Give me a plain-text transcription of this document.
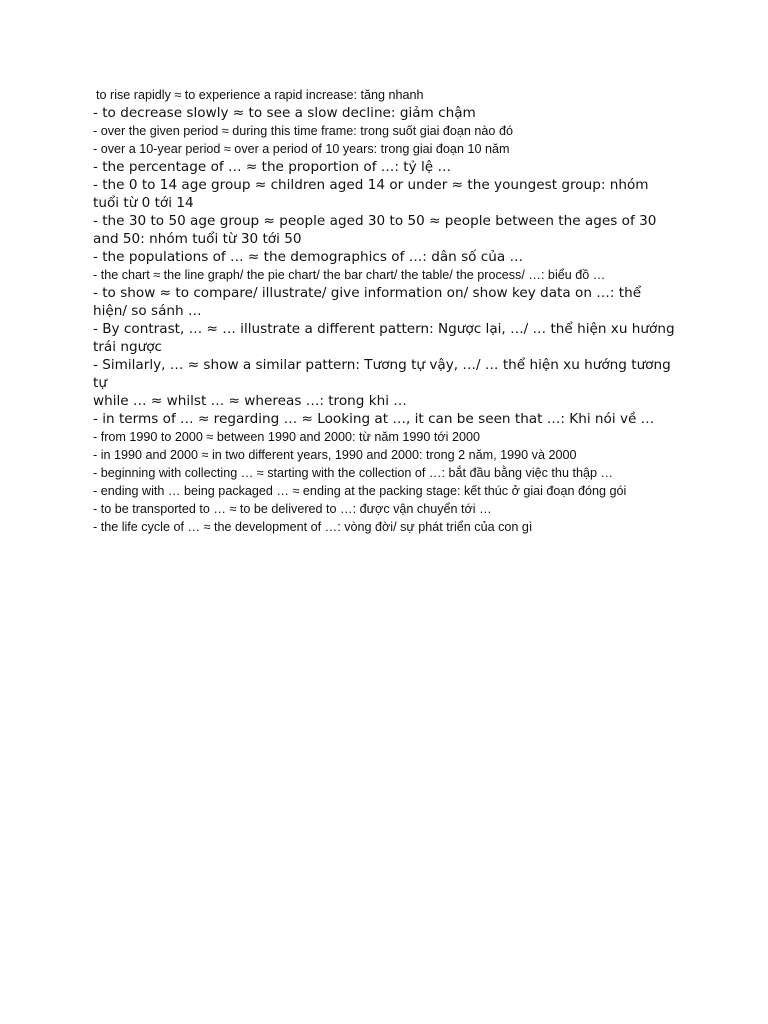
to rise rapidly ≈ to experience a rapid increase: tăng nhanh

- to decrease slowly ≈ to see a slow decline: giảm chậm

- over the given period ≈ during this time frame: trong suốt giai đoạn nào đó

- over a 10-year period ≈ over a period of 10 years: trong giai đoạn 10 năm

- the percentage of … ≈ the proportion of …: tỷ lệ …

- the 0 to 14 age group ≈ children aged 14 or under ≈ the youngest group: nhóm tuổi từ 0 tới 14

- the 30 to 50 age group ≈ people aged 30 to 50 ≈ people between the ages of 30 and 50: nhóm tuổi từ 30 tới 50

- the populations of … ≈ the demographics of …: dân số của …

- the chart ≈ the line graph/ the pie chart/ the bar chart/ the table/ the process/ …: biểu đồ …

- to show ≈ to compare/ illustrate/ give information on/ show key data on …: thể hiện/ so sánh …

- By contrast, … ≈ … illustrate a different pattern: Ngược lại, …/ … thể hiện xu hướng trái ngược

- Similarly, … ≈ show a similar pattern: Tương tự vậy, …/ … thể hiện xu hướng tương tự

while … ≈ whilst … ≈ whereas …: trong khi …

- in terms of … ≈ regarding … ≈ Looking at …, it can be seen that …: Khi nói về …

- from 1990 to 2000 ≈ between 1990 and 2000: từ năm 1990 tới 2000

- in 1990 and 2000 ≈ in two different years, 1990 and 2000: trong 2 năm, 1990 và 2000

- beginning with collecting … ≈ starting with the collection of …: bắt đầu bằng việc thu thập …

- ending with … being packaged … ≈ ending at the packing stage: kết thúc ở giai đoạn đóng gói

- to be transported to … ≈ to be delivered to …: được vận chuyển tới …

- the life cycle of … ≈ the development of …: vòng đời/ sự phát triển của con gì
